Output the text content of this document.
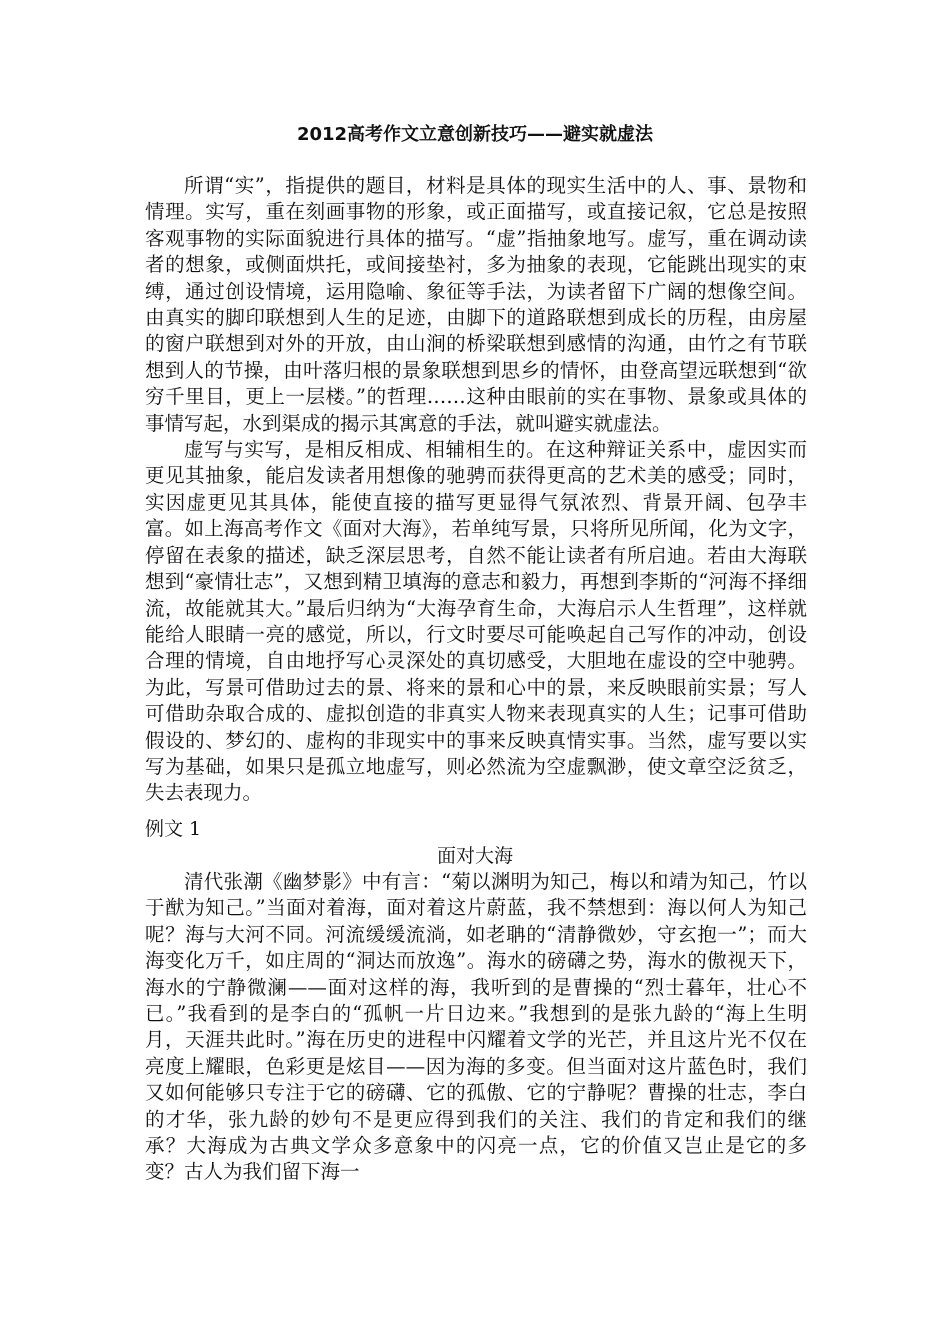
2012高考作文立意创新技巧——避实就虚法

所谓“实”，指提供的题目，材料是具体的现实生活中的人、事、景物和情理。实写，重在刻画事物的形象，或正面描写，或直接记叙，它总是按照客观事物的实际面貌进行具体的描写。“虚”指抽象地写。虚写，重在调动读者的想象，或侧面烘托，或间接垫衬，多为抽象的表现，它能跳出现实的束缚，通过创设情境，运用隐喻、象征等手法，为读者留下广阔的想像空间。由真实的脚印联想到人生的足迹，由脚下的道路联想到成长的历程，由房屋的窗户联想到对外的开放，由山涧的桥梁联想到感情的沟通，由竹之有节联想到人的节操，由叶落归根的景象联想到思乡的情怀，由登高望远联想到“欲穷千里目，更上一层楼。”的哲理……这种由眼前的实在事物、景象或具体的事情写起，水到渠成的揭示其寓意的手法，就叫避实就虚法。

虚写与实写，是相反相成、相辅相生的。在这种辩证关系中，虚因实而更见其抽象，能启发读者用想像的驰骋而获得更高的艺术美的感受；同时，实因虚更见其具体，能使直接的描写更显得气氛浓烈、背景开阔、包孕丰富。如上海高考作文《面对大海》，若单纯写景，只将所见所闻，化为文字，停留在表象的描述，缺乏深层思考，自然不能让读者有所启迪。若由大海联想到“豪情壮志”，又想到精卫填海的意志和毅力，再想到李斯的“河海不择细流，故能就其大。”最后归纳为“大海孕育生命，大海启示人生哲理”，这样就能给人眼睛一亮的感觉，所以，行文时要尽可能唤起自己写作的冲动，创设合理的情境，自由地抒写心灵深处的真切感受，大胆地在虚设的空中驰骋。为此，写景可借助过去的景、将来的景和心中的景，来反映眼前实景；写人可借助杂取合成的、虚拟创造的非真实人物来表现真实的人生；记事可借助假设的、梦幻的、虚构的非现实中的事来反映真情实事。当然，虚写要以实写为基础，如果只是孤立地虚写，则必然流为空虚飘渺，使文章空泛贫乏，失去表现力。

例文 1
面对大海

清代张潮《幽梦影》中有言：“菊以渊明为知己，梅以和靖为知己，竹以于猷为知己。”当面对着海，面对着这片蔚蓝，我不禁想到：海以何人为知己呢？海与大河不同。河流缓缓流淌，如老聃的“清静微妙，守玄抱一”；而大海变化万千，如庄周的“洞达而放逸”。海水的磅礴之势，海水的傲视天下，海水的宁静微澜——面对这样的海，我听到的是曹操的“烈士暮年，壮心不已。”我看到的是李白的“孤帆一片日边来。”我想到的是张九龄的“海上生明月，天涯共此时。”海在历史的进程中闪耀着文学的光芒，并且这片光不仅在亮度上耀眼，色彩更是炫目——因为海的多变。但当面对这片蓝色时，我们又如何能够只专注于它的磅礴、它的孤傲、它的宁静呢？曹操的壮志，李白的才华，张九龄的妙句不是更应得到我们的关注、我们的肯定和我们的继承？大海成为古典文学众多意象中的闪亮一点，它的价值又岂止是它的多变？古人为我们留下海一
